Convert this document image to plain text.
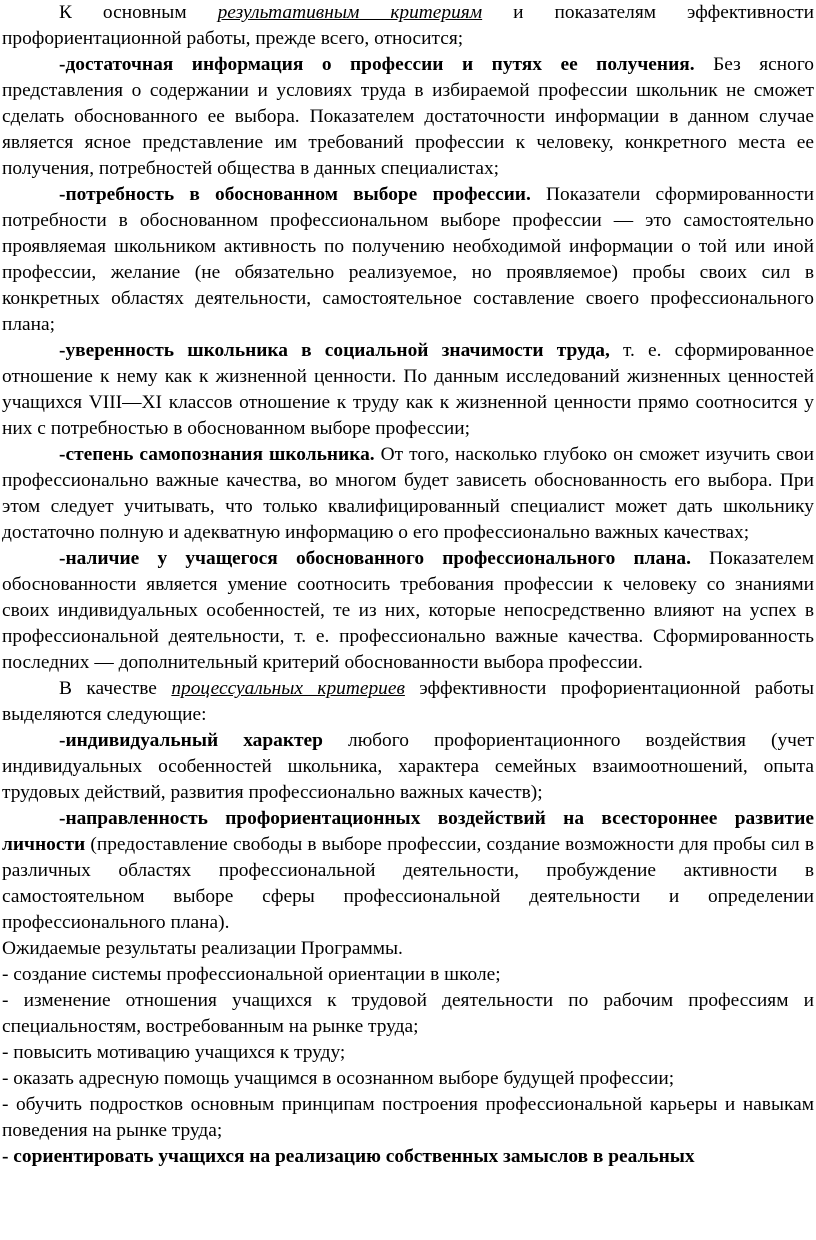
К основным результативным критериям и показателям эффективности профориентационной работы, прежде всего, относится;

-достаточная информация о профессии и путях ее получения. Без ясного представления о содержании и условиях труда в избираемой профессии школьник не сможет сделать обоснованного ее выбора. Показателем достаточности информации в данном случае является ясное представление им требований профессии к человеку, конкретного места ее получения, потребностей общества в данных специалистах;

-потребность в обоснованном выборе профессии. Показатели сформированности потребности в обоснованном профессиональном выборе профессии — это самостоятельно проявляемая школьником активность по получению необходимой информации о той или иной профессии, желание (не обязательно реализуемое, но проявляемое) пробы своих сил в конкретных областях деятельности, самостоятельное составление своего профессионального плана;

-уверенность школьника в социальной значимости труда, т. е. сформированное отношение к нему как к жизненной ценности. По данным исследований жизненных ценностей учащихся VIII—XI классов отношение к труду как к жизненной ценности прямо соотносится у них с потребностью в обоснованном выборе профессии;

-степень самопознания школьника. От того, насколько глубоко он сможет изучить свои профессионально важные качества, во многом будет зависеть обоснованность его выбора. При этом следует учитывать, что только квалифицированный специалист может дать школьнику достаточно полную и адекватную информацию о его профессионально важных качествах;

-наличие у учащегося обоснованного профессионального плана. Показателем обоснованности является умение соотносить требования профессии к человеку со знаниями своих индивидуальных особенностей, те из них, которые непосредственно влияют на успех в профессиональной деятельности, т. е. профессионально важные качества. Сформированность последних — дополнительный критерий обоснованности выбора профессии.

В качестве процессуальных критериев эффективности профориентационной работы выделяются следующие:

-индивидуальный характер любого профориентационного воздействия (учет индивидуальных особенностей школьника, характера семейных взаимоотношений, опыта трудовых действий, развития профессионально важных качеств);

-направленность профориентационных воздействий на всестороннее развитие личности (предоставление свободы в выборе профессии, создание возможности для пробы сил в различных областях профессиональной деятельности, пробуждение активности в самостоятельном выборе сферы профессиональной деятельности и определении профессионального плана).

Ожидаемые результаты реализации Программы.

- создание системы профессиональной ориентации в школе;

- изменение отношения учащихся к трудовой деятельности по рабочим профессиям и специальностям, востребованным на рынке труда;

- повысить мотивацию учащихся к труду;

- оказать адресную помощь учащимся в осознанном выборе будущей профессии;

- обучить подростков основным принципам построения профессиональной карьеры и навыкам поведения на рынке труда;

- сориентировать учащихся на реализацию собственных замыслов в реальных
